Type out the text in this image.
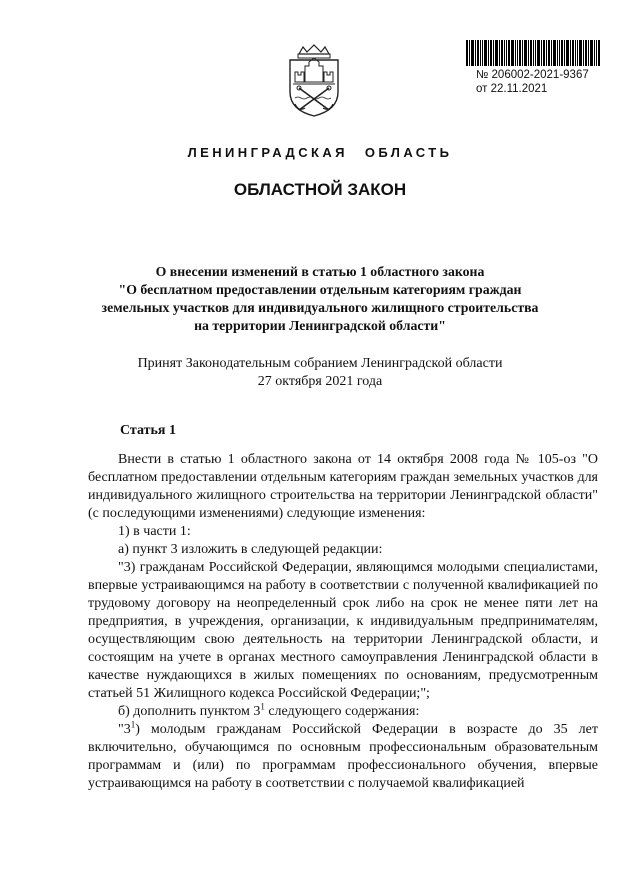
№ 206002-2021-9367
от 22.11.2021
ЛЕНИНГРАДСКАЯ ОБЛАСТЬ
ОБЛАСТНОЙ ЗАКОН
О внесении изменений в статью 1 областного закона
"О бесплатном предоставлении отдельным категориям граждан
земельных участков для индивидуального жилищного строительства
на территории Ленинградской области"
Принят Законодательным собранием Ленинградской области
27 октября 2021 года
Статья 1

Внести в статью 1 областного закона от 14 октября 2008 года № 105-оз "О бесплатном предоставлении отдельным категориям граждан земельных участков для индивидуального жилищного строительства на территории Ленинградской области" (с последующими изменениями) следующие изменения:

1) в части 1:

а) пункт 3 изложить в следующей редакции:

"3) гражданам Российской Федерации, являющимся молодыми специалистами, впервые устраивающимся на работу в соответствии с полученной квалификацией по трудовому договору на неопределенный срок либо на срок не менее пяти лет на предприятия, в учреждения, организации, к индивидуальным предпринимателям, осуществляющим свою деятельность на территории Ленинградской области, и состоящим на учете в органах местного самоуправления Ленинградской области в качестве нуждающихся в жилых помещениях по основаниям, предусмотренным статьей 51 Жилищного кодекса Российской Федерации;";

б) дополнить пунктом $3^1$ следующего содержания:

"$3^1$) молодым гражданам Российской Федерации в возрасте до 35 лет включительно, обучающимся по основным профессиональным образовательным программам и (или) по программам профессионального обучения, впервые устраивающимся на работу в соответствии с получаемой квалификацией
